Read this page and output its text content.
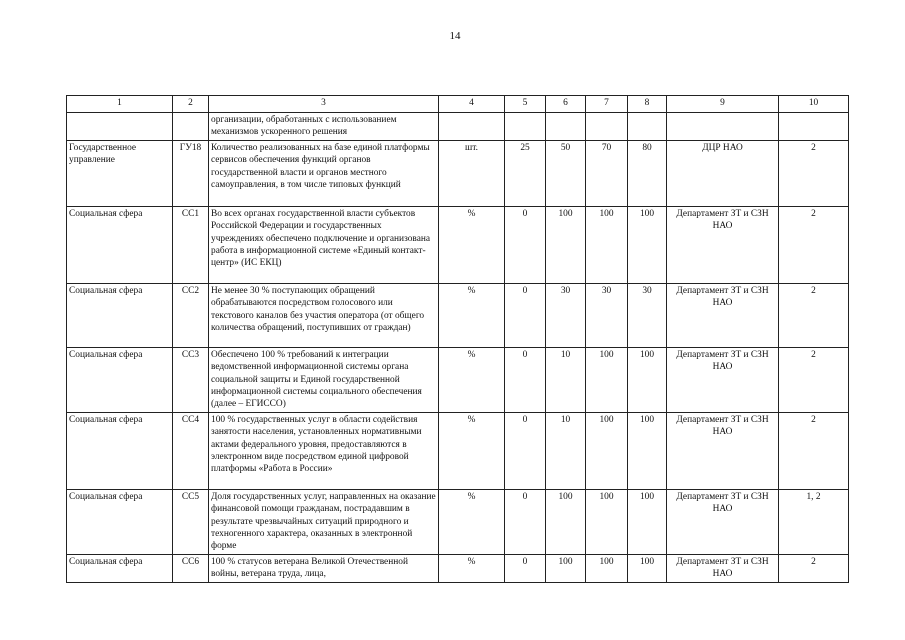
14
1	2	3	4	5	6	7	8	9	10
		организации, обработанных с использованием механизмов ускоренного решения							
Государственное управление	ГУ18	Количество реализованных на базе единой платформы сервисов обеспечения функций органов государственной власти и органов местного самоуправления, в том числе типовых функций	шт.	25	50	70	80	ДЦР НАО	2
Социальная сфера	СС1	Во всех органах государственной власти субъектов Российской Федерации и государственных учреждениях обеспечено подключение и организована работа в информационной системе «Единый контакт-центр» (ИС ЕКЦ)	%	0	100	100	100	Департамент ЗТ и СЗН НАО	2
Социальная сфера	СС2	Не менее 30 % поступающих обращений обрабатываются посредством голосового или текстового каналов без участия оператора (от общего количества обращений, поступивших от граждан)	%	0	30	30	30	Департамент ЗТ и СЗН НАО	2
Социальная сфера	СС3	Обеспечено 100 % требований к интеграции ведомственной информационной системы органа социальной защиты и Единой государственной информационной системы социального обеспечения (далее – ЕГИССО)	%	0	10	100	100	Департамент ЗТ и СЗН НАО	2
Социальная сфера	СС4	100 % государственных услуг в области содействия занятости населения, установленных нормативными актами федерального уровня, предоставляются в электронном виде посредством единой цифровой платформы «Работа в России»	%	0	10	100	100	Департамент ЗТ и СЗН НАО	2
Социальная сфера	СС5	Доля государственных услуг, направленных на оказание финансовой помощи гражданам, пострадавшим в результате чрезвычайных ситуаций природного и техногенного характера, оказанных в электронной форме	%	0	100	100	100	Департамент ЗТ и СЗН НАО	1, 2
Социальная сфера	СС6	100 % статусов ветерана Великой Отечественной войны, ветерана труда, лица,	%	0	100	100	100	Департамент ЗТ и СЗН НАО	2
